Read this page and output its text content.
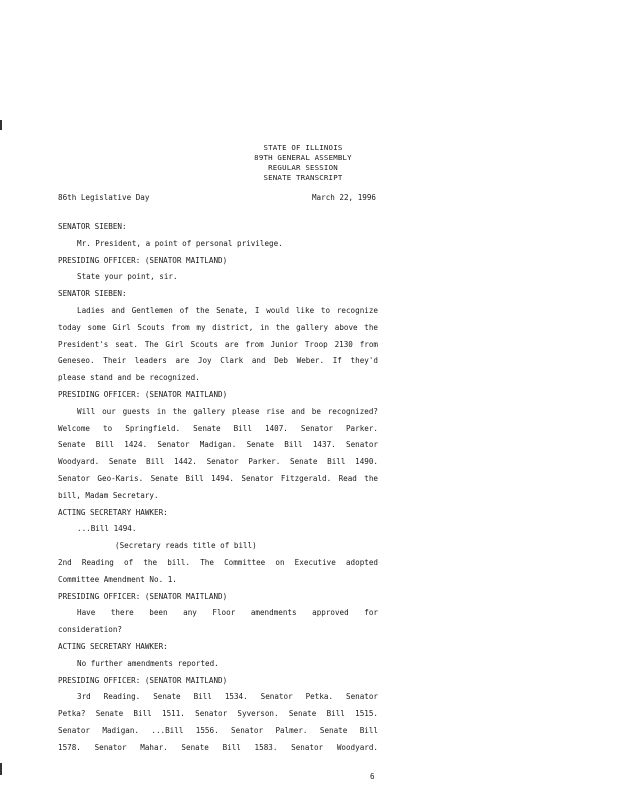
STATE OF ILLINOIS
89TH GENERAL ASSEMBLY
REGULAR SESSION
SENATE TRANSCRIPT
86th Legislative Day	March 22, 1996
SENATOR SIEBEN:
Mr. President, a point of personal privilege.
PRESIDING OFFICER: (SENATOR MAITLAND)
State your point, sir.
SENATOR SIEBEN:
Ladies and Gentlemen of the Senate, I would like to recognize
today some Girl Scouts from my district, in the gallery above the
President's seat. The Girl Scouts are from Junior Troop 2130 from
Geneseo. Their leaders are Joy Clark and Deb Weber. If they'd
please stand and be recognized.
PRESIDING OFFICER: (SENATOR MAITLAND)
Will our guests in the gallery please rise and be recognized?
Welcome to Springfield. Senate Bill 1407. Senator Parker.
Senate Bill 1424. Senator Madigan. Senate Bill 1437. Senator
Woodyard. Senate Bill 1442. Senator Parker. Senate Bill 1490.
Senator Geo-Karis. Senate Bill 1494. Senator Fitzgerald. Read the
bill, Madam Secretary.
ACTING SECRETARY HAWKER:
...Bill 1494.
(Secretary reads title of bill)
2nd Reading of the bill. The Committee on Executive adopted
Committee Amendment No. 1.
PRESIDING OFFICER: (SENATOR MAITLAND)
Have there been any Floor amendments approved for
consideration?
ACTING SECRETARY HAWKER:
No further amendments reported.
PRESIDING OFFICER: (SENATOR MAITLAND)
3rd Reading. Senate Bill 1534. Senator Petka. Senator
Petka? Senate Bill 1511. Senator Syverson. Senate Bill 1515.
Senator Madigan. ...Bill 1556. Senator Palmer. Senate Bill
1578. Senator Mahar. Senate Bill 1583. Senator Woodyard.
6
